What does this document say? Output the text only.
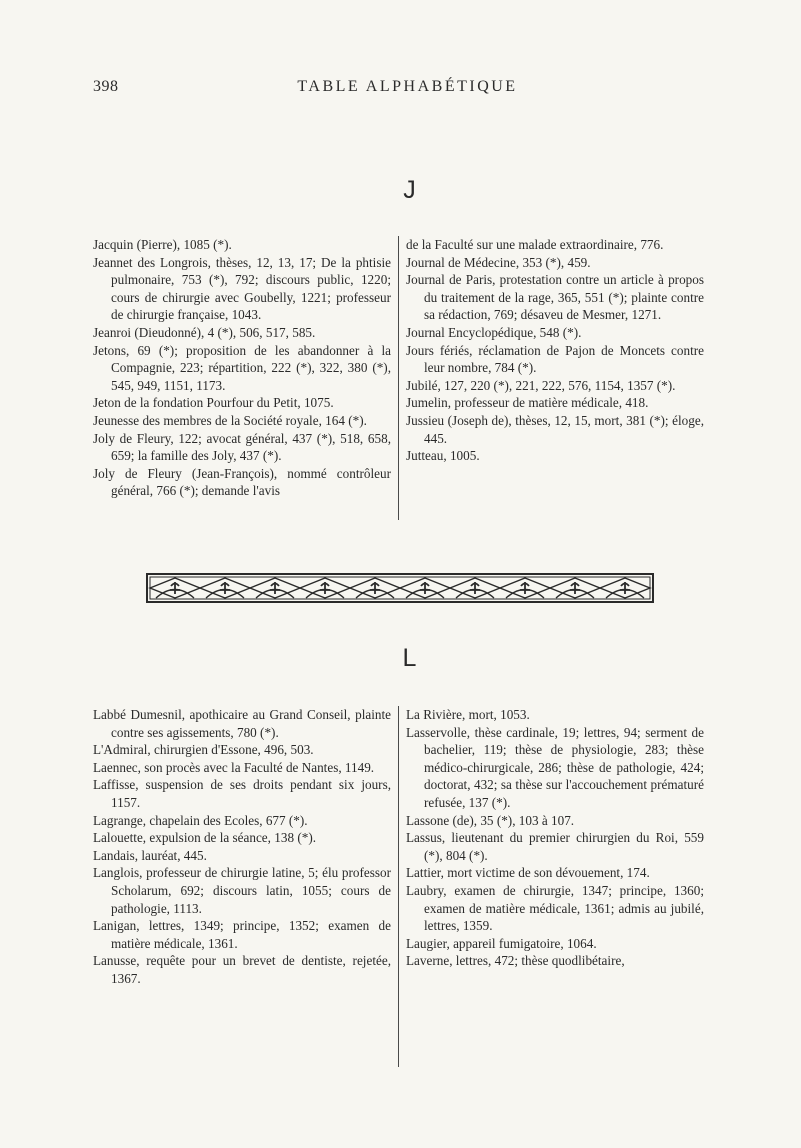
398	TABLE ALPHABÉTIQUE
J

Jacquin (Pierre), 1085 (*).

Jeannet des Longrois, thèses, 12, 13, 17; De la phtisie pulmonaire, 753 (*), 792; discours public, 1220; cours de chirurgie avec Goubelly, 1221; professeur de chirurgie française, 1043.

Jeanroi (Dieudonné), 4 (*), 506, 517, 585.

Jetons, 69 (*); proposition de les abandonner à la Compagnie, 223; répartition, 222 (*), 322, 380 (*), 545, 949, 1151, 1173.

Jeton de la fondation Pourfour du Petit, 1075.

Jeunesse des membres de la Société royale, 164 (*).

Joly de Fleury, 122; avocat général, 437 (*), 518, 658, 659; la famille des Joly, 437 (*).

Joly de Fleury (Jean-François), nommé contrôleur général, 766 (*); demande l'avis

de la Faculté sur une malade extraordinaire, 776.

Journal de Médecine, 353 (*), 459.

Journal de Paris, protestation contre un article à propos du traitement de la rage, 365, 551 (*); plainte contre sa rédaction, 769; désaveu de Mesmer, 1271.

Journal Encyclopédique, 548 (*).

Jours fériés, réclamation de Pajon de Moncets contre leur nombre, 784 (*).

Jubilé, 127, 220 (*), 221, 222, 576, 1154, 1357 (*).

Jumelin, professeur de matière médicale, 418.

Jussieu (Joseph de), thèses, 12, 15, mort, 381 (*); éloge, 445.

Jutteau, 1005.

L

Labbé Dumesnil, apothicaire au Grand Conseil, plainte contre ses agissements, 780 (*).

L'Admiral, chirurgien d'Essone, 496, 503.

Laennec, son procès avec la Faculté de Nantes, 1149.

Laffisse, suspension de ses droits pendant six jours, 1157.

Lagrange, chapelain des Ecoles, 677 (*).

Lalouette, expulsion de la séance, 138 (*).

Landais, lauréat, 445.

Langlois, professeur de chirurgie latine, 5; élu professor Scholarum, 692; discours latin, 1055; cours de pathologie, 1113.

Lanigan, lettres, 1349; principe, 1352; examen de matière médicale, 1361.

Lanusse, requête pour un brevet de dentiste, rejetée, 1367.

La Rivière, mort, 1053.

Lasservolle, thèse cardinale, 19; lettres, 94; serment de bachelier, 119; thèse de physiologie, 283; thèse médico-chirurgicale, 286; thèse de pathologie, 424; doctorat, 432; sa thèse sur l'accouchement prématuré refusée, 137 (*).

Lassone (de), 35 (*), 103 à 107.

Lassus, lieutenant du premier chirurgien du Roi, 559 (*), 804 (*).

Lattier, mort victime de son dévouement, 174.

Laubry, examen de chirurgie, 1347; principe, 1360; examen de matière médicale, 1361; admis au jubilé, lettres, 1359.

Laugier, appareil fumigatoire, 1064.

Laverne, lettres, 472; thèse quodlibétaire,
